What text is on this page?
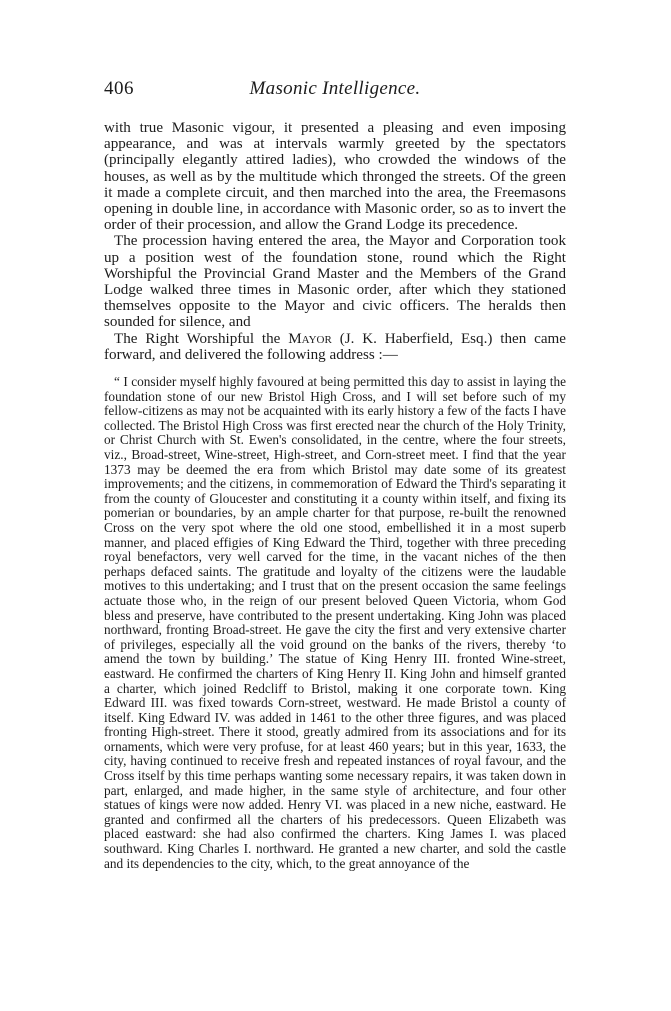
406	Masonic Intelligence.

with true Masonic vigour, it presented a pleasing and even imposing appearance, and was at intervals warmly greeted by the spectators (principally elegantly attired ladies), who crowded the windows of the houses, as well as by the multitude which thronged the streets. Of the green it made a complete circuit, and then marched into the area, the Freemasons opening in double line, in accordance with Masonic order, so as to invert the order of their procession, and allow the Grand Lodge its precedence.

The procession having entered the area, the Mayor and Corporation took up a position west of the foundation stone, round which the Right Worshipful the Provincial Grand Master and the Members of the Grand Lodge walked three times in Masonic order, after which they stationed themselves opposite to the Mayor and civic officers. The heralds then sounded for silence, and

The Right Worshipful the Mayor (J. K. Haberfield, Esq.) then came forward, and delivered the following address :—

“ I consider myself highly favoured at being permitted this day to assist in laying the foundation stone of our new Bristol High Cross, and I will set before such of my fellow-citizens as may not be acquainted with its early history a few of the facts I have collected. The Bristol High Cross was first erected near the church of the Holy Trinity, or Christ Church with St. Ewen's consolidated, in the centre, where the four streets, viz., Broad-street, Wine-street, High-street, and Corn-street meet. I find that the year 1373 may be deemed the era from which Bristol may date some of its greatest improvements; and the citizens, in commemoration of Edward the Third's separating it from the county of Gloucester and constituting it a county within itself, and fixing its pomerian or boundaries, by an ample charter for that purpose, re-built the renowned Cross on the very spot where the old one stood, embellished it in a most superb manner, and placed effigies of King Edward the Third, together with three preceding royal benefactors, very well carved for the time, in the vacant niches of the then perhaps defaced saints. The gratitude and loyalty of the citizens were the laudable motives to this undertaking; and I trust that on the present occasion the same feelings actuate those who, in the reign of our present beloved Queen Victoria, whom God bless and preserve, have contributed to the present undertaking. King John was placed northward, fronting Broad-street. He gave the city the first and very extensive charter of privileges, especially all the void ground on the banks of the rivers, thereby ‘to amend the town by building.’ The statue of King Henry III. fronted Wine-street, eastward. He confirmed the charters of King Henry II. King John and himself granted a charter, which joined Redcliff to Bristol, making it one corporate town. King Edward III. was fixed towards Corn-street, westward. He made Bristol a county of itself. King Edward IV. was added in 1461 to the other three figures, and was placed fronting High-street. There it stood, greatly admired from its associations and for its ornaments, which were very profuse, for at least 460 years; but in this year, 1633, the city, having continued to receive fresh and repeated instances of royal favour, and the Cross itself by this time perhaps wanting some necessary repairs, it was taken down in part, enlarged, and made higher, in the same style of architecture, and four other statues of kings were now added. Henry VI. was placed in a new niche, eastward. He granted and confirmed all the charters of his predecessors. Queen Elizabeth was placed eastward: she had also confirmed the charters. King James I. was placed southward. King Charles I. northward. He granted a new charter, and sold the castle and its dependencies to the city, which, to the great annoyance of the
